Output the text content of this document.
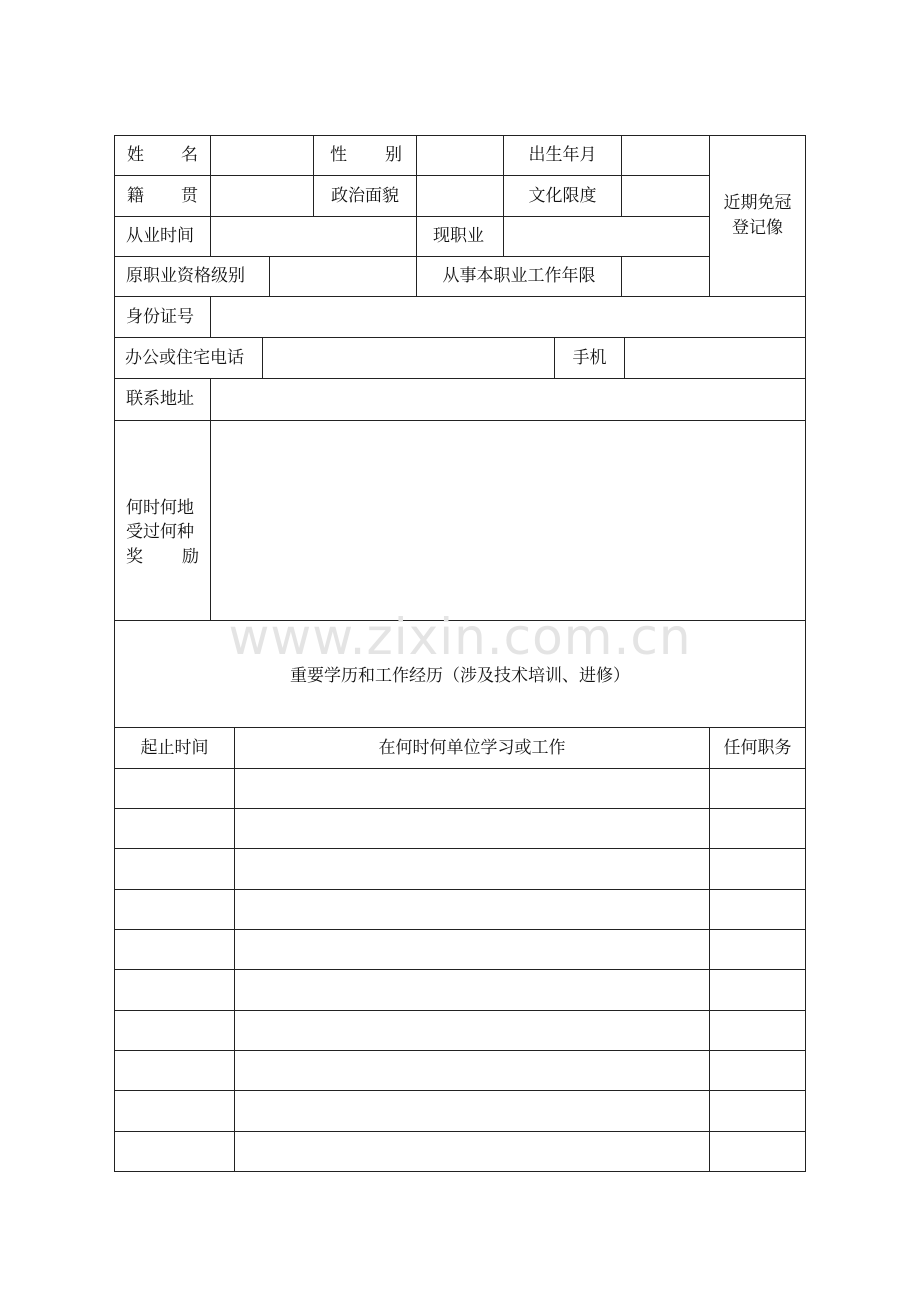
www.zixin.com.cn
姓 名	性 别	出生年月
近期免冠
登记像
籍 贯	政治面貌	文化限度
从业时间	现职业
原职业资格级别	从事本职业工作年限
身份证号
办公或住宅电话	手机
联系地址
何时何地
受过何种
奖 励
重要学历和工作经历（涉及技术培训、进修）
起止时间	在何时何单位学习或工作	任何职务
